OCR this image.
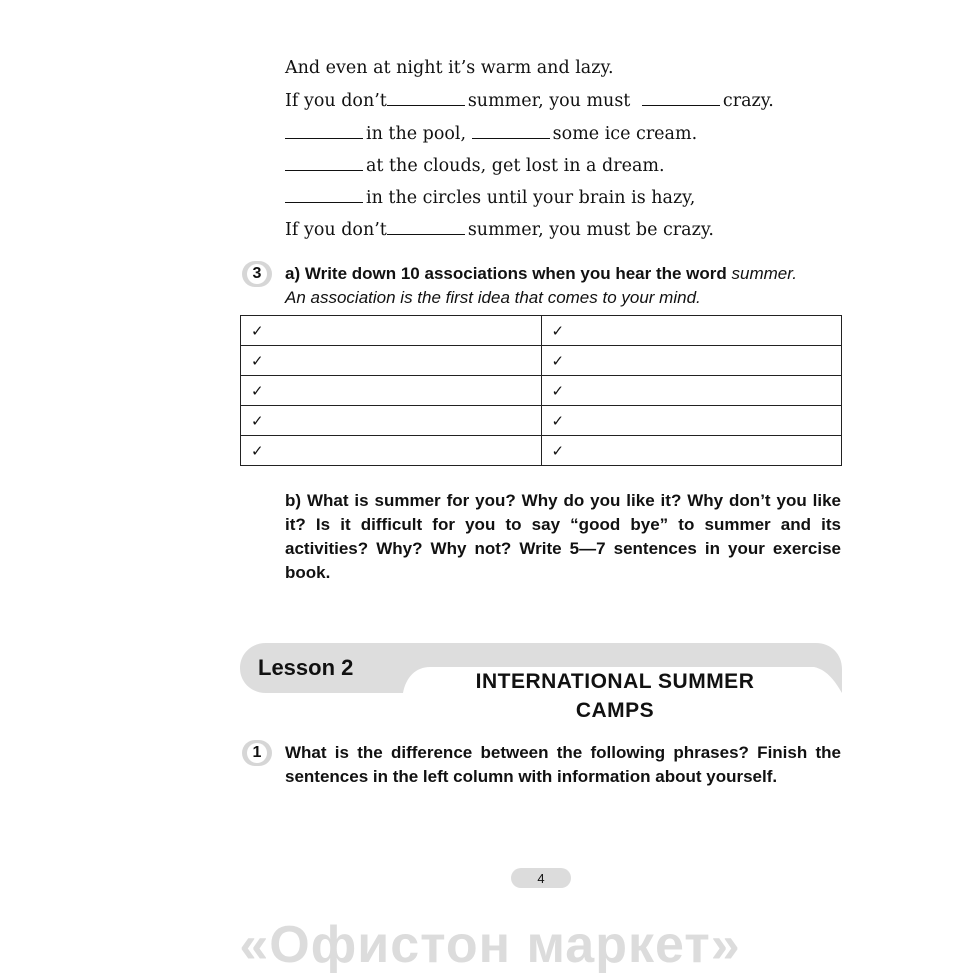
And even at night it’s warm and lazy.
If you don’t	summer, you must	crazy.
in the pool,	some ice cream.
at the clouds, get lost in a dream.
in the circles until your brain is hazy,
If you don’t	summer, you must be crazy.
3	a) Write down 10 associations when you hear the word summer.
An association is the first idea that comes to your mind.
✓	✓
✓	✓
✓	✓
✓	✓
✓	✓
b) What is summer for you? Why do you like it? Why don’t you like it? Is it difficult for you to say “good bye” to summer and its activities? Why? Why not? Write 5—7 sentences in your exercise book.
Lesson 2
INTERNATIONAL SUMMER
CAMPS
1	What is the difference between the following phrases? Finish the sentences in the left column with information about yourself.
4
«Офистон маркет»
